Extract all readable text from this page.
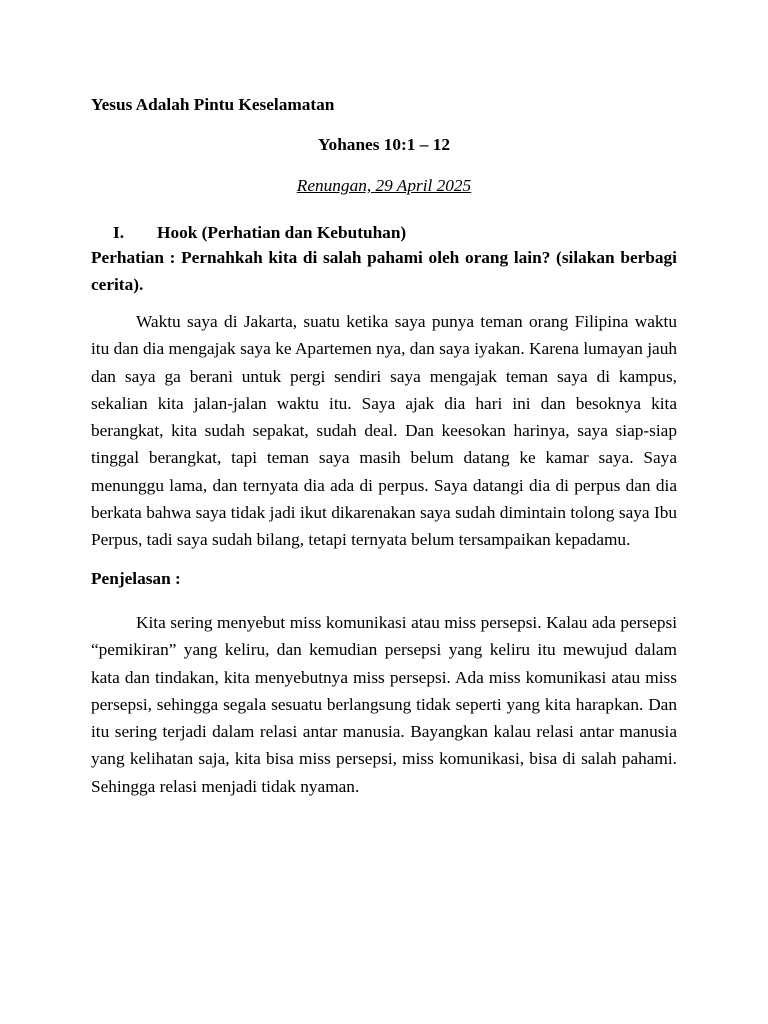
Yesus Adalah Pintu Keselamatan

Yohanes 10:1 – 12

Renungan, 29 April 2025

I.	Hook (Perhatian dan Kebutuhan)

Perhatian : Pernahkah kita di salah pahami oleh orang lain? (silakan berbagi cerita).

Waktu saya di Jakarta, suatu ketika saya punya teman orang Filipina waktu itu dan dia mengajak saya ke Apartemen nya, dan saya iyakan. Karena lumayan jauh dan saya ga berani untuk pergi sendiri saya mengajak teman saya di kampus, sekalian kita jalan-jalan waktu itu. Saya ajak dia hari ini dan besoknya kita berangkat, kita sudah sepakat, sudah deal. Dan keesokan harinya, saya siap-siap tinggal berangkat, tapi teman saya masih belum datang ke kamar saya. Saya menunggu lama, dan ternyata dia ada di perpus. Saya datangi dia di perpus dan dia berkata bahwa saya tidak jadi ikut dikarenakan saya sudah dimintain tolong saya Ibu Perpus, tadi saya sudah bilang, tetapi ternyata belum tersampaikan kepadamu.

Penjelasan :

Kita sering menyebut miss komunikasi atau miss persepsi. Kalau ada persepsi “pemikiran” yang keliru, dan kemudian persepsi yang keliru itu mewujud dalam kata dan tindakan, kita menyebutnya miss persepsi. Ada miss komunikasi atau miss persepsi, sehingga segala sesuatu berlangsung tidak seperti yang kita harapkan. Dan itu sering terjadi dalam relasi antar manusia. Bayangkan kalau relasi antar manusia yang kelihatan saja, kita bisa miss persepsi, miss komunikasi, bisa di salah pahami. Sehingga relasi menjadi tidak nyaman.
